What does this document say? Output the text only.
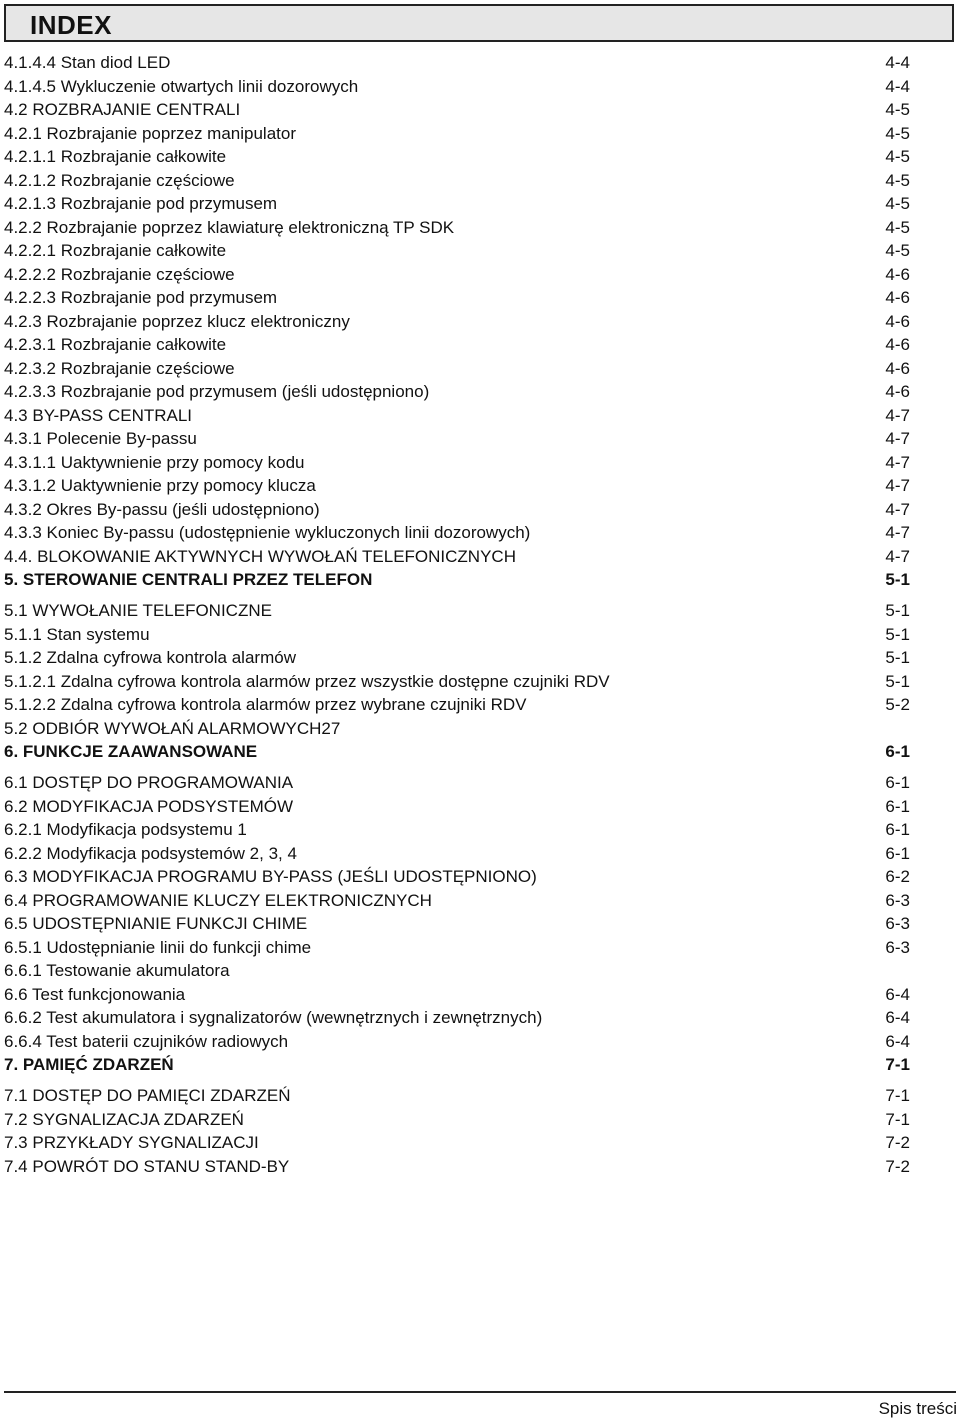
INDEX
4.1.4.4 Stan diod LED	4-4
4.1.4.5 Wykluczenie otwartych linii dozorowych	4-4
4.2 ROZBRAJANIE CENTRALI	4-5
4.2.1 Rozbrajanie poprzez manipulator	4-5
4.2.1.1 Rozbrajanie całkowite	4-5
4.2.1.2 Rozbrajanie częściowe	4-5
4.2.1.3 Rozbrajanie pod przymusem	4-5
4.2.2 Rozbrajanie poprzez klawiaturę elektroniczną TP SDK	4-5
4.2.2.1 Rozbrajanie całkowite	4-5
4.2.2.2 Rozbrajanie częściowe	4-6
4.2.2.3 Rozbrajanie pod przymusem	4-6
4.2.3 Rozbrajanie poprzez klucz elektroniczny	4-6
4.2.3.1 Rozbrajanie całkowite	4-6
4.2.3.2 Rozbrajanie częściowe	4-6
4.2.3.3 Rozbrajanie pod przymusem (jeśli udostępniono)	4-6
4.3 BY-PASS CENTRALI	4-7
4.3.1 Polecenie By-passu	4-7
4.3.1.1 Uaktywnienie przy pomocy kodu	4-7
4.3.1.2 Uaktywnienie przy pomocy klucza	4-7
4.3.2 Okres By-passu (jeśli udostępniono)	4-7
4.3.3 Koniec By-passu (udostępnienie wykluczonych linii dozorowych)	4-7
4.4. BLOKOWANIE AKTYWNYCH WYWOŁAŃ TELEFONICZNYCH	4-7
5. STEROWANIE CENTRALI PRZEZ TELEFON	5-1
5.1 WYWOŁANIE TELEFONICZNE	5-1
5.1.1 Stan systemu	5-1
5.1.2 Zdalna cyfrowa kontrola alarmów	5-1
5.1.2.1 Zdalna cyfrowa kontrola alarmów przez wszystkie dostępne czujniki RDV	5-1
5.1.2.2 Zdalna cyfrowa kontrola alarmów przez wybrane czujniki RDV	5-2
5.2 ODBIÓR WYWOŁAŃ ALARMOWYCH27
6. FUNKCJE ZAAWANSOWANE	6-1
6.1 DOSTĘP DO PROGRAMOWANIA	6-1
6.2 MODYFIKACJA PODSYSTEMÓW	6-1
6.2.1 Modyfikacja podsystemu 1	6-1
6.2.2 Modyfikacja podsystemów 2, 3, 4	6-1
6.3 MODYFIKACJA PROGRAMU BY-PASS (JEŚLI UDOSTĘPNIONO)	6-2
6.4 PROGRAMOWANIE KLUCZY ELEKTRONICZNYCH	6-3
6.5 UDOSTĘPNIANIE FUNKCJI CHIME	6-3
6.5.1 Udostępnianie linii do funkcji chime	6-3
6.6.1 Testowanie akumulatora
6.6 Test funkcjonowania	6-4
6.6.2 Test akumulatora i sygnalizatorów (wewnętrznych i zewnętrznych)	6-4
6.6.4 Test baterii czujników radiowych	6-4
7. PAMIĘĆ ZDARZEŃ	7-1
7.1 DOSTĘP DO PAMIĘCI ZDARZEŃ	7-1
7.2 SYGNALIZACJA ZDARZEŃ	7-1
7.3 PRZYKŁADY SYGNALIZACJI	7-2
7.4 POWRÓT DO STANU STAND-BY	7-2
Spis treści
